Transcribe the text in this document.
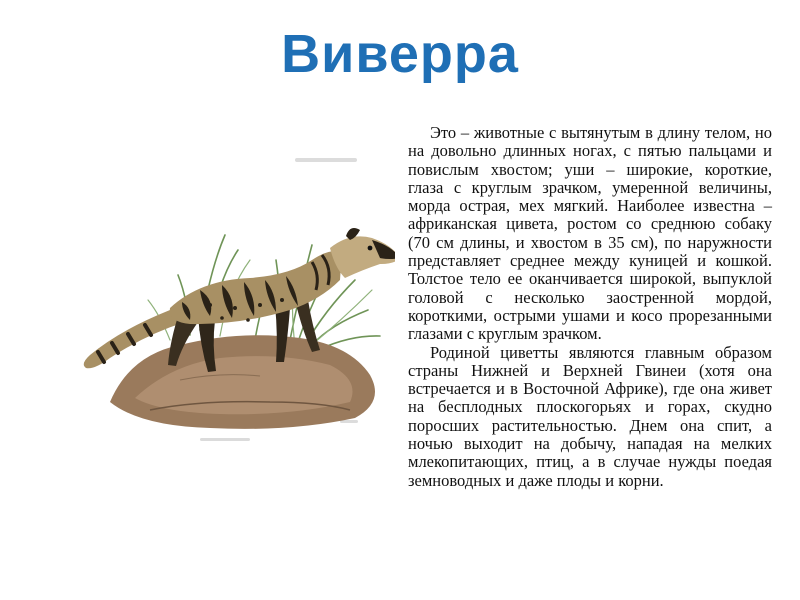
Виверра

Это – животные с вытянутым в длину телом, но на довольно длинных ногах, с пятью пальцами и повислым хвостом; уши – широкие, короткие, глаза с круглым зрачком, умеренной величины, морда острая, мех мягкий. Наиболее известна – африканская цивета, ростом со среднюю собаку (70 см длины, и хвостом в 35 см), по наружности представляет среднее между куницей и кошкой. Толстое тело ее оканчивается широкой, выпуклой головой с несколько заостренной мордой, короткими, острыми ушами и косо прорезанными глазами с круглым зрачком.

Родиной циветты являются главным образом страны Нижней и Верхней Гвинеи (хотя она встречается и в Восточной Африке), где она живет на бесплодных плоскогорьях и горах, скудно поросших растительностью. Днем она спит, а ночью выходит на добычу, нападая на мелких млекопитающих, птиц, а в случае нужды поедая земноводных и даже плоды и корни.
